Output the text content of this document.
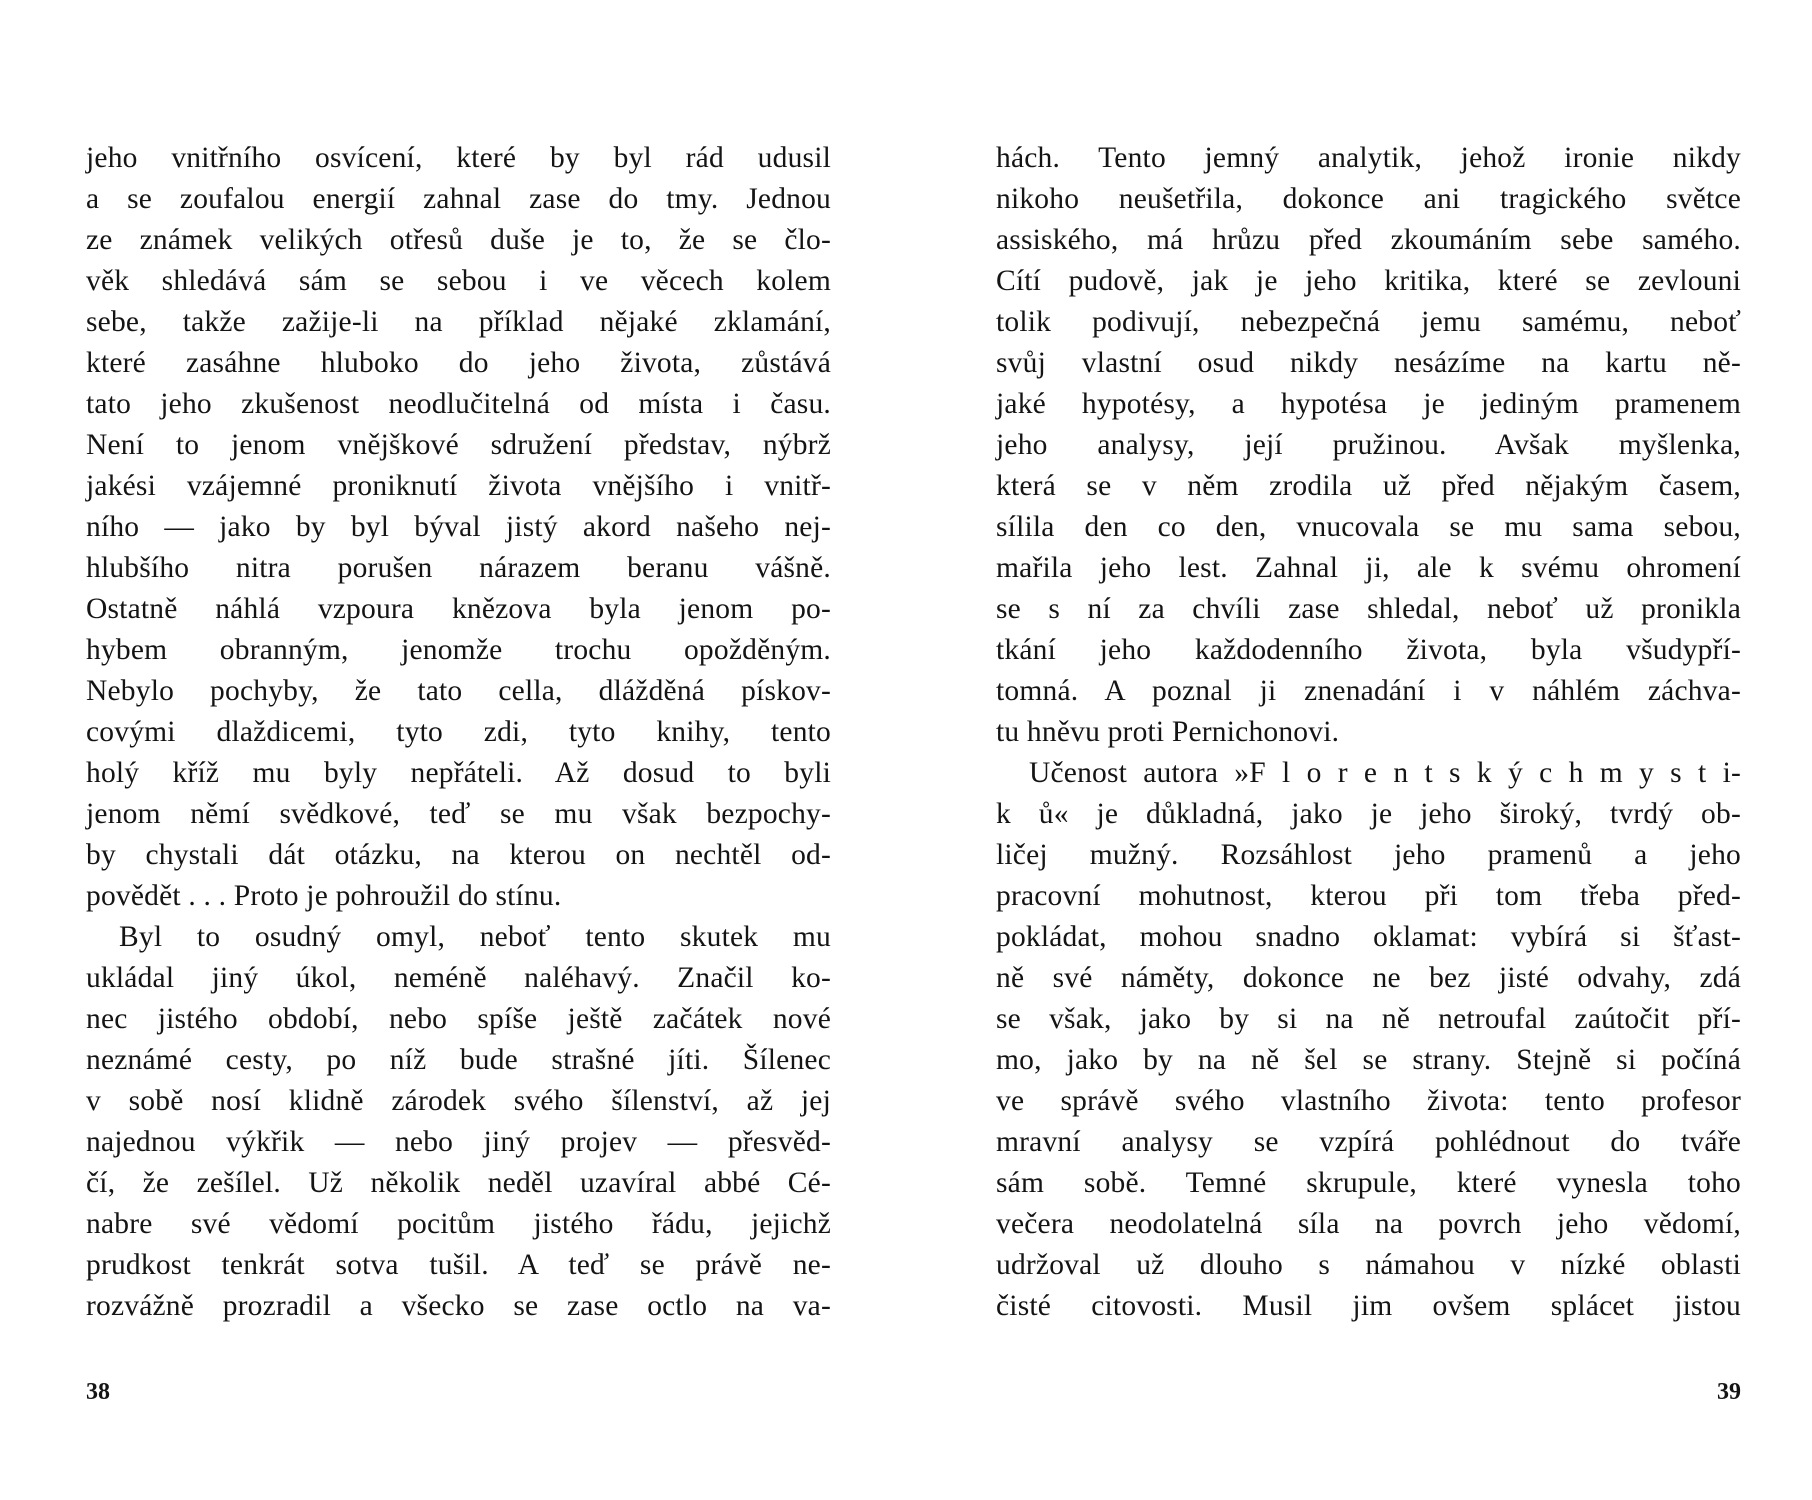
jeho vnitřního osvícení, které by byl rád udusil
a se zoufalou energií zahnal zase do tmy. Jednou
ze známek velikých otřesů duše je to, že se člo-
věk shledává sám se sebou i ve věcech kolem
sebe, takže zažije-li na příklad nějaké zklamání,
které zasáhne hluboko do jeho života, zůstává
tato jeho zkušenost neodlučitelná od místa i času.
Není to jenom vnějškové sdružení představ, nýbrž
jakési vzájemné proniknutí života vnějšího i vnitř-
ního — jako by byl býval jistý akord našeho nej-
hlubšího nitra porušen nárazem beranu vášně.
Ostatně náhlá vzpoura knězova byla jenom po-
hybem obranným, jenomže trochu opožděným.
Nebylo pochyby, že tato cella, dlážděná pískov-
covými dlaždicemi, tyto zdi, tyto knihy, tento
holý kříž mu byly nepřáteli. Až dosud to byli
jenom němí svědkové, teď se mu však bezpochy-
by chystali dát otázku, na kterou on nechtěl od-
povědět . . . Proto je pohroužil do stínu.
Byl to osudný omyl, neboť tento skutek mu
ukládal jiný úkol, neméně naléhavý. Značil ko-
nec jistého období, nebo spíše ještě začátek nové
neznámé cesty, po níž bude strašné jíti. Šílenec
v sobě nosí klidně zárodek svého šílenství, až jej
najednou výkřik — nebo jiný projev — přesvěd-
čí, že zešílel. Už několik neděl uzavíral abbé Cé-
nabre své vědomí pocitům jistého řádu, jejichž
prudkost tenkrát sotva tušil. A teď se právě ne-
rozvážně prozradil a všecko se zase octlo na va-
38
hách. Tento jemný analytik, jehož ironie nikdy
nikoho neušetřila, dokonce ani tragického světce
assiského, má hrůzu před zkoumáním sebe samého.
Cítí pudově, jak je jeho kritika, které se zevlouni
tolik podivují, nebezpečná jemu samému, neboť
svůj vlastní osud nikdy nesázíme na kartu ně-
jaké hypotésy, a hypotésa je jediným pramenem
jeho analysy, její pružinou. Avšak myšlenka,
která se v něm zrodila už před nějakým časem,
sílila den co den, vnucovala se mu sama sebou,
mařila jeho lest. Zahnal ji, ale k svému ohromení
se s ní za chvíli zase shledal, neboť už pronikla
tkání jeho každodenního života, byla všudypří-
tomná. A poznal ji znenadání i v náhlém záchva-
tu hněvu proti Pernichonovi.
Učenost autora »F l o r e n t s k ý c h m y s t i-
k ů« je důkladná, jako je jeho široký, tvrdý ob-
ličej mužný. Rozsáhlost jeho pramenů a jeho
pracovní mohutnost, kterou při tom třeba před-
pokládat, mohou snadno oklamat: vybírá si šťast-
ně své náměty, dokonce ne bez jisté odvahy, zdá
se však, jako by si na ně netroufal zaútočit pří-
mo, jako by na ně šel se strany. Stejně si počíná
ve správě svého vlastního života: tento profesor
mravní analysy se vzpírá pohlédnout do tváře
sám sobě. Temné skrupule, které vynesla toho
večera neodolatelná síla na povrch jeho vědomí,
udržoval už dlouho s námahou v nízké oblasti
čisté citovosti. Musil jim ovšem splácet jistou
39
